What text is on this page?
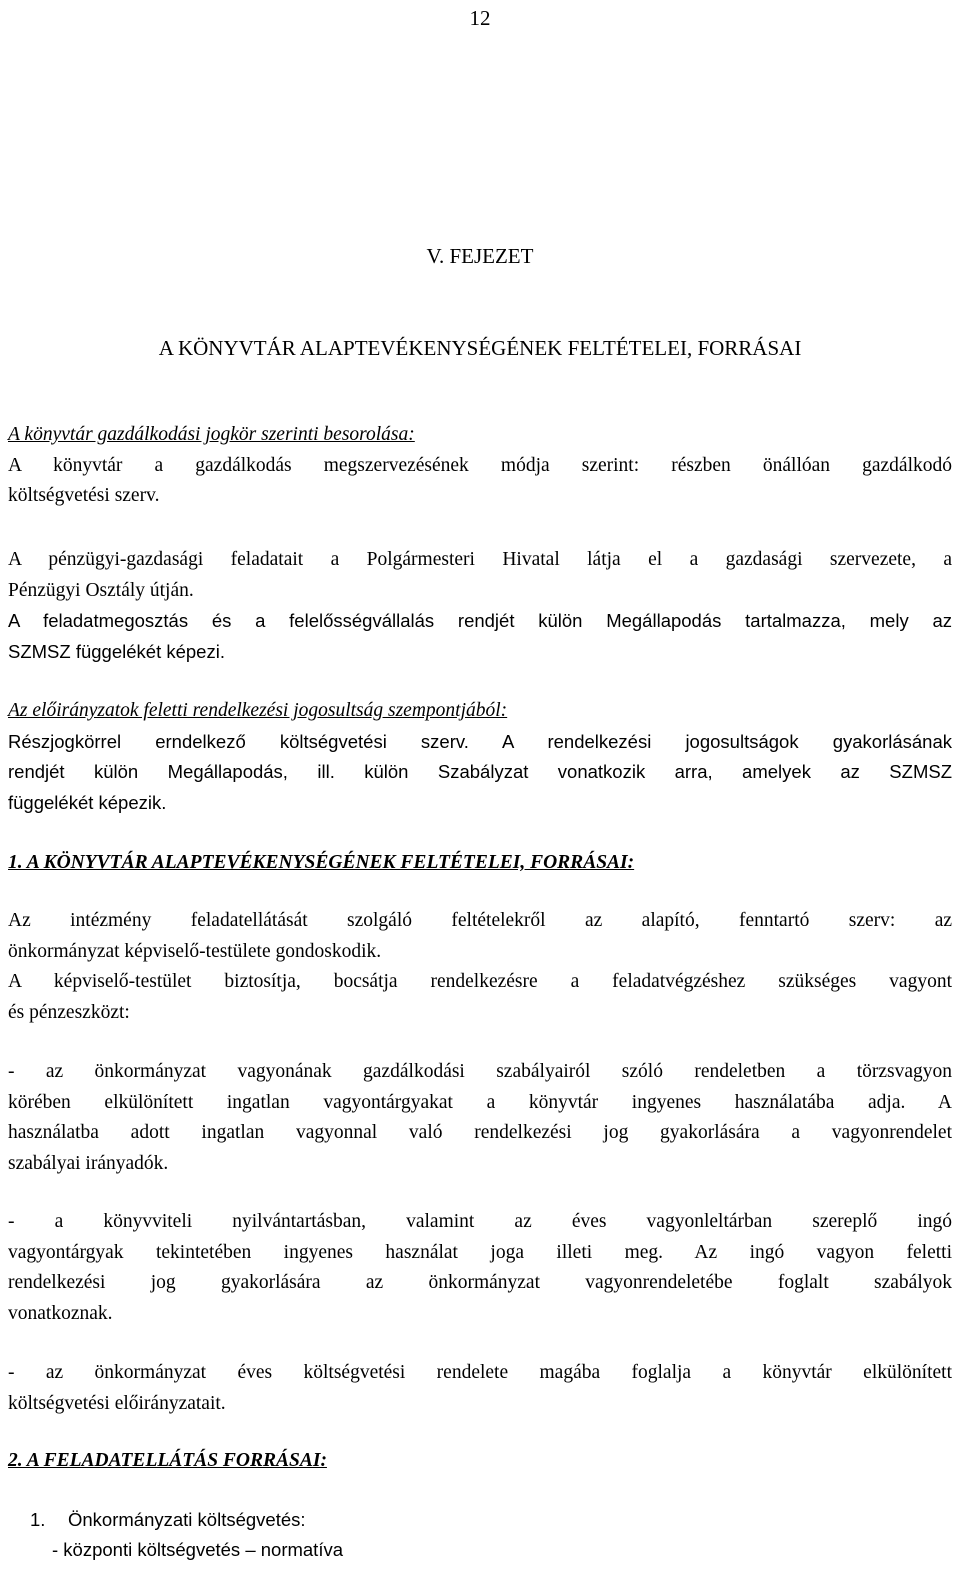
12
V. FEJEZET
A KÖNYVTÁR ALAPTEVÉKENYSÉGÉNEK FELTÉTELEI, FORRÁSAI
A könyvtár gazdálkodási jogkör szerinti besorolása:
A könyvtár a gazdálkodás megszervezésének módja szerint: részben önállóan gazdálkodó
költségvetési szerv.
A pénzügyi-gazdasági feladatait a Polgármesteri Hivatal látja el a gazdasági szervezete, a
Pénzügyi Osztály útján.
A feladatmegosztás és a felelősségvállalás rendjét külön Megállapodás tartalmazza, mely az
SZMSZ függelékét képezi.
Az előirányzatok feletti rendelkezési jogosultság szempontjából:
Részjogkörrel erndelkező költségvetési szerv. A rendelkezési jogosultságok gyakorlásának
rendjét külön Megállapodás, ill. külön Szabályzat vonatkozik arra, amelyek az SZMSZ
függelékét képezik.
1. A KÖNYVTÁR ALAPTEVÉKENYSÉGÉNEK FELTÉTELEI, FORRÁSAI:
Az intézmény feladatellátását szolgáló feltételekről az alapító, fenntartó szerv: az
önkormányzat képviselő-testülete gondoskodik.
A képviselő-testület biztosítja, bocsátja rendelkezésre a feladatvégzéshez szükséges vagyont
és pénzeszközt:
- az önkormányzat vagyonának gazdálkodási szabályairól szóló rendeletben a törzsvagyon
körében elkülönített ingatlan vagyontárgyakat a könyvtár ingyenes használatába adja. A
használatba adott ingatlan vagyonnal való rendelkezési jog gyakorlására a vagyonrendelet
szabályai irányadók.
- a könyvviteli nyilvántartásban, valamint az éves vagyonleltárban szereplő ingó
vagyontárgyak tekintetében ingyenes használat joga illeti meg. Az ingó vagyon feletti
rendelkezési jog gyakorlására az önkormányzat vagyonrendeletébe foglalt szabályok
vonatkoznak.
- az önkormányzat éves költségvetési rendelete magába foglalja a könyvtár elkülönített
költségvetési előirányzatait.
2. A FELADATELLÁTÁS FORRÁSAI:
1. Önkormányzati költségvetés:
- központi költségvetés – normatíva
